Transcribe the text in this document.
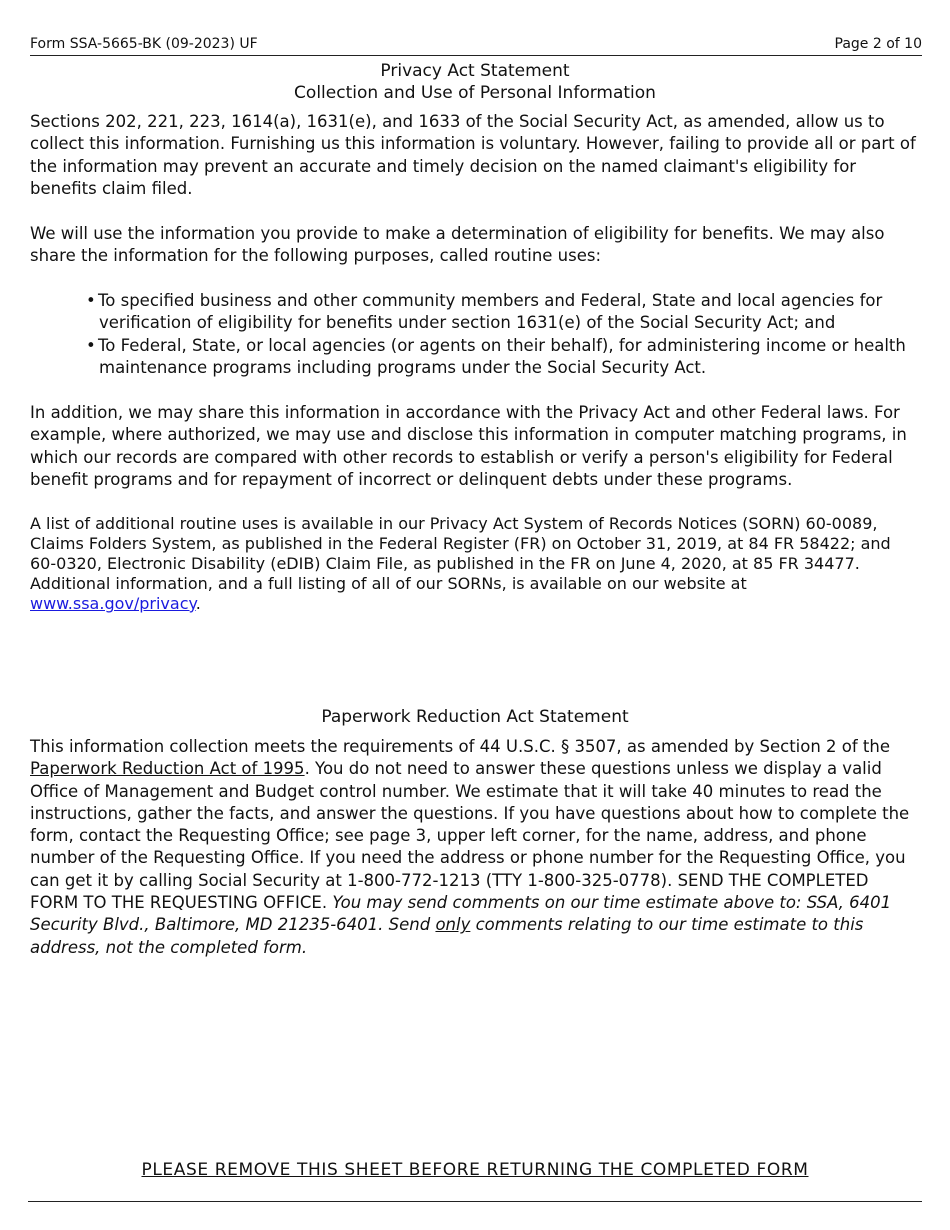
Form SSA-5665-BK (09-2023) UF	Page 2 of 10
Privacy Act Statement
Collection and Use of Personal Information

Sections 202, 221, 223, 1614(a), 1631(e), and 1633 of the Social Security Act, as amended, allow us to collect this information. Furnishing us this information is voluntary. However, failing to provide all or part of the information may prevent an accurate and timely decision on the named claimant's eligibility for benefits claim filed.

We will use the information you provide to make a determination of eligibility for benefits. We may also share the information for the following purposes, called routine uses:

• To specified business and other community members and Federal, State and local agencies for
verification of eligibility for benefits under section 1631(e) of the Social Security Act; and
• To Federal, State, or local agencies (or agents on their behalf), for administering income or health
maintenance programs including programs under the Social Security Act.

In addition, we may share this information in accordance with the Privacy Act and other Federal laws. For example, where authorized, we may use and disclose this information in computer matching programs, in which our records are compared with other records to establish or verify a person's eligibility for Federal benefit programs and for repayment of incorrect or delinquent debts under these programs.

A list of additional routine uses is available in our Privacy Act System of Records Notices (SORN) 60-0089, Claims Folders System, as published in the Federal Register (FR) on October 31, 2019, at 84 FR 58422; and 60-0320, Electronic Disability (eDIB) Claim File, as published in the FR on June 4, 2020, at 85 FR 34477. Additional information, and a full listing of all of our SORNs, is available on our website at www.ssa.gov/privacy.

Paperwork Reduction Act Statement

This information collection meets the requirements of 44 U.S.C. § 3507, as amended by Section 2 of the Paperwork Reduction Act of 1995. You do not need to answer these questions unless we display a valid Office of Management and Budget control number. We estimate that it will take 40 minutes to read the instructions, gather the facts, and answer the questions. If you have questions about how to complete the form, contact the Requesting Office; see page 3, upper left corner, for the name, address, and phone number of the Requesting Office. If you need the address or phone number for the Requesting Office, you can get it by calling Social Security at 1-800-772-1213 (TTY 1-800-325-0778). SEND THE COMPLETED FORM TO THE REQUESTING OFFICE. You may send comments on our time estimate above to: SSA, 6401 Security Blvd., Baltimore, MD 21235-6401. Send only comments relating to our time estimate to this address, not the completed form.

PLEASE REMOVE THIS SHEET BEFORE RETURNING THE COMPLETED FORM
